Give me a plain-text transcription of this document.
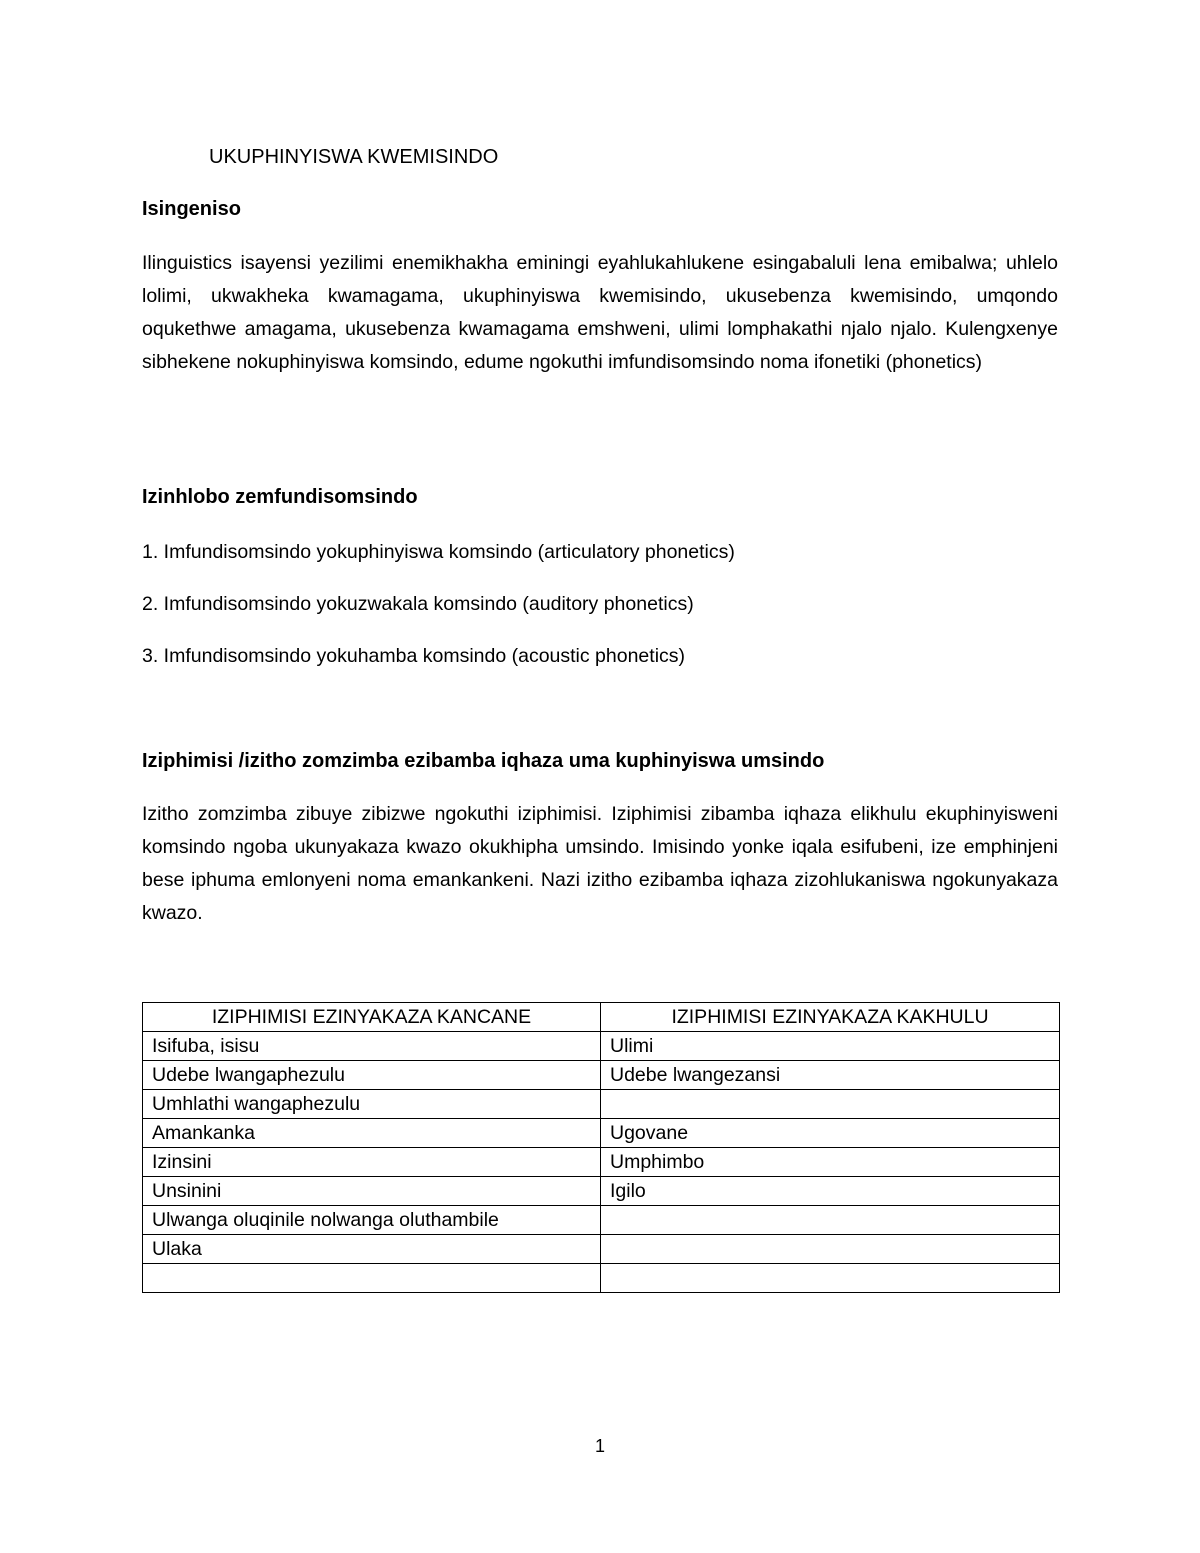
UKUPHINYISWA KWEMISINDO
Isingeniso

Ilinguistics isayensi yezilimi enemikhakha eminingi eyahlukahlukene esingabaluli lena emibalwa; uhlelo lolimi, ukwakheka kwamagama, ukuphinyiswa kwemisindo, ukusebenza kwemisindo, umqondo oqukethwe amagama, ukusebenza kwamagama emshweni, ulimi lomphakathi njalo njalo. Kulengxenye sibhekene nokuphinyiswa komsindo, edume ngokuthi imfundisomsindo noma ifonetiki (phonetics)

Izinhlobo zemfundisomsindo
1. Imfundisomsindo yokuphinyiswa komsindo (articulatory phonetics)
2. Imfundisomsindo yokuzwakala komsindo (auditory phonetics)
3. Imfundisomsindo yokuhamba komsindo (acoustic phonetics)
Iziphimisi /izitho zomzimba ezibamba iqhaza uma kuphinyiswa umsindo

Izitho zomzimba zibuye zibizwe ngokuthi iziphimisi. Iziphimisi zibamba iqhaza elikhulu ekuphinyisweni komsindo ngoba ukunyakaza kwazo okukhipha umsindo. Imisindo yonke iqala esifubeni, ize emphinjeni bese iphuma emlonyeni noma emankankeni. Nazi izitho ezibamba iqhaza zizohlukaniswa ngokunyakaza kwazo.

IZIPHIMISI EZINYAKAZA KANCANE	IZIPHIMISI EZINYAKAZA KAKHULU
Isifuba, isisu	Ulimi
Udebe lwangaphezulu	Udebe lwangezansi
Umhlathi wangaphezulu	
Amankanka	Ugovane
Izinsini	Umphimbo
Unsinini	Igilo
Ulwanga oluqinile nolwanga oluthambile	
Ulaka	

1
